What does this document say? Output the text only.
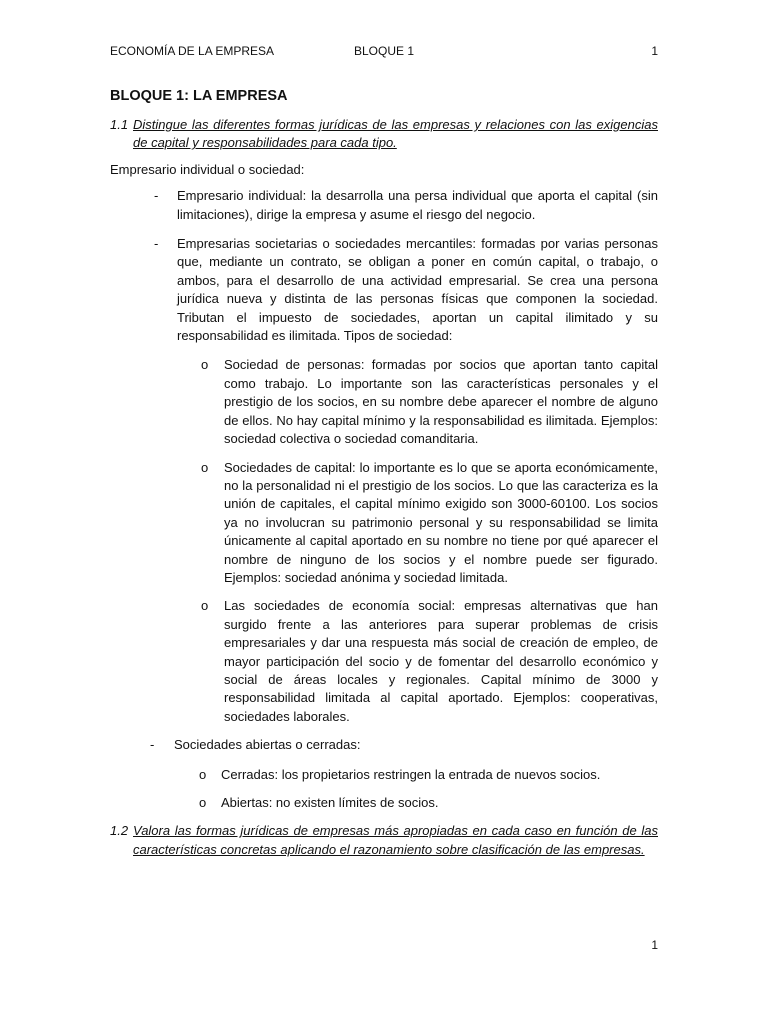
ECONOMÍA DE LA EMPRESA	BLOQUE 1	1
BLOQUE 1: LA EMPRESA
1.1 Distingue las diferentes formas jurídicas de las empresas y relaciones con las exigencias de capital y responsabilidades para cada tipo.

Empresario individual o sociedad:

-	Empresario individual: la desarrolla una persa individual que aporta el capital (sin limitaciones), dirige la empresa y asume el riesgo del negocio.
-	Empresarias societarias o sociedades mercantiles: formadas por varias personas que, mediante un contrato, se obligan a poner en común capital, o trabajo, o ambos, para el desarrollo de una actividad empresarial. Se crea una persona jurídica nueva y distinta de las personas físicas que componen la sociedad. Tributan el impuesto de sociedades, aportan un capital ilimitado y su responsabilidad es ilimitada. Tipos de sociedad:
o	Sociedad de personas: formadas por socios que aportan tanto capital como trabajo. Lo importante son las características personales y el prestigio de los socios, en su nombre debe aparecer el nombre de alguno de ellos. No hay capital mínimo y la responsabilidad es ilimitada. Ejemplos: sociedad colectiva o sociedad comanditaria.
o	Sociedades de capital: lo importante es lo que se aporta económicamente, no la personalidad ni el prestigio de los socios. Lo que las caracteriza es la unión de capitales, el capital mínimo exigido son 3000-60100. Los socios ya no involucran su patrimonio personal y su responsabilidad se limita únicamente al capital aportado en su nombre no tiene por qué aparecer el nombre de ninguno de los socios y el nombre puede ser figurado. Ejemplos: sociedad anónima y sociedad limitada.
o	Las sociedades de economía social: empresas alternativas que han surgido frente a las anteriores para superar problemas de crisis empresariales y dar una respuesta más social de creación de empleo, de mayor participación del socio y de fomentar del desarrollo económico y social de áreas locales y regionales. Capital mínimo de 3000 y responsabilidad limitada al capital aportado. Ejemplos: cooperativas, sociedades laborales.
-	Sociedades abiertas o cerradas:
o	Cerradas: los propietarios restringen la entrada de nuevos socios.
o	Abiertas: no existen límites de socios.
1.2 Valora las formas jurídicas de empresas más apropiadas en cada caso en función de las características concretas aplicando el razonamiento sobre clasificación de las empresas.
1
